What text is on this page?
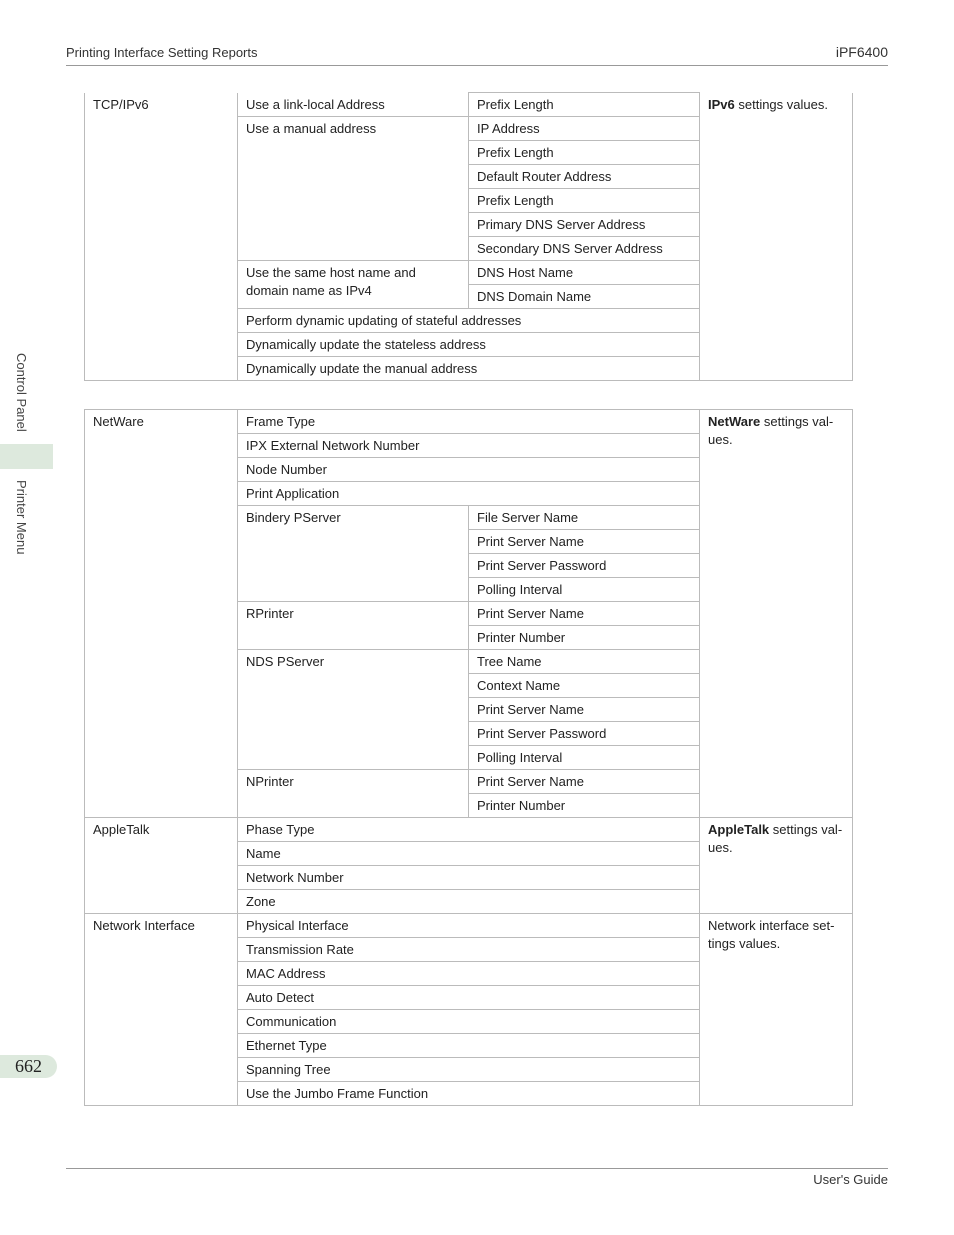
Printing Interface Setting Reports	iPF6400
Control Panel
Printer Menu
662
TCP/IPv6	Use a link-local Address	Prefix Length	IPv6 settings values.
	Use a manual address	IP Address	
		Prefix Length	
		Default Router Address	
		Prefix Length	
		Primary DNS Server Address	
		Secondary DNS Server Address	
	Use the same host name and domain name as IPv4	DNS Host Name	
		DNS Domain Name	
	Perform dynamic updating of stateful addresses		
	Dynamically update the stateless address		
	Dynamically update the manual address		
NetWare	Frame Type		NetWare settings val-ues.
	IPX External Network Number		
	Node Number		
	Print Application		
	Bindery PServer	File Server Name	
		Print Server Name	
		Print Server Password	
		Polling Interval	
	RPrinter	Print Server Name	
		Printer Number	
	NDS PServer	Tree Name	
		Context Name	
		Print Server Name	
		Print Server Password	
		Polling Interval	
	NPrinter	Print Server Name	
		Printer Number	
AppleTalk	Phase Type		AppleTalk settings val-ues.
	Name		
	Network Number		
	Zone		
Network Interface	Physical Interface		Network interface set-tings values.
	Transmission Rate		
	MAC Address		
	Auto Detect		
	Communication		
	Ethernet Type		
	Spanning Tree		
	Use the Jumbo Frame Function		
User's Guide
